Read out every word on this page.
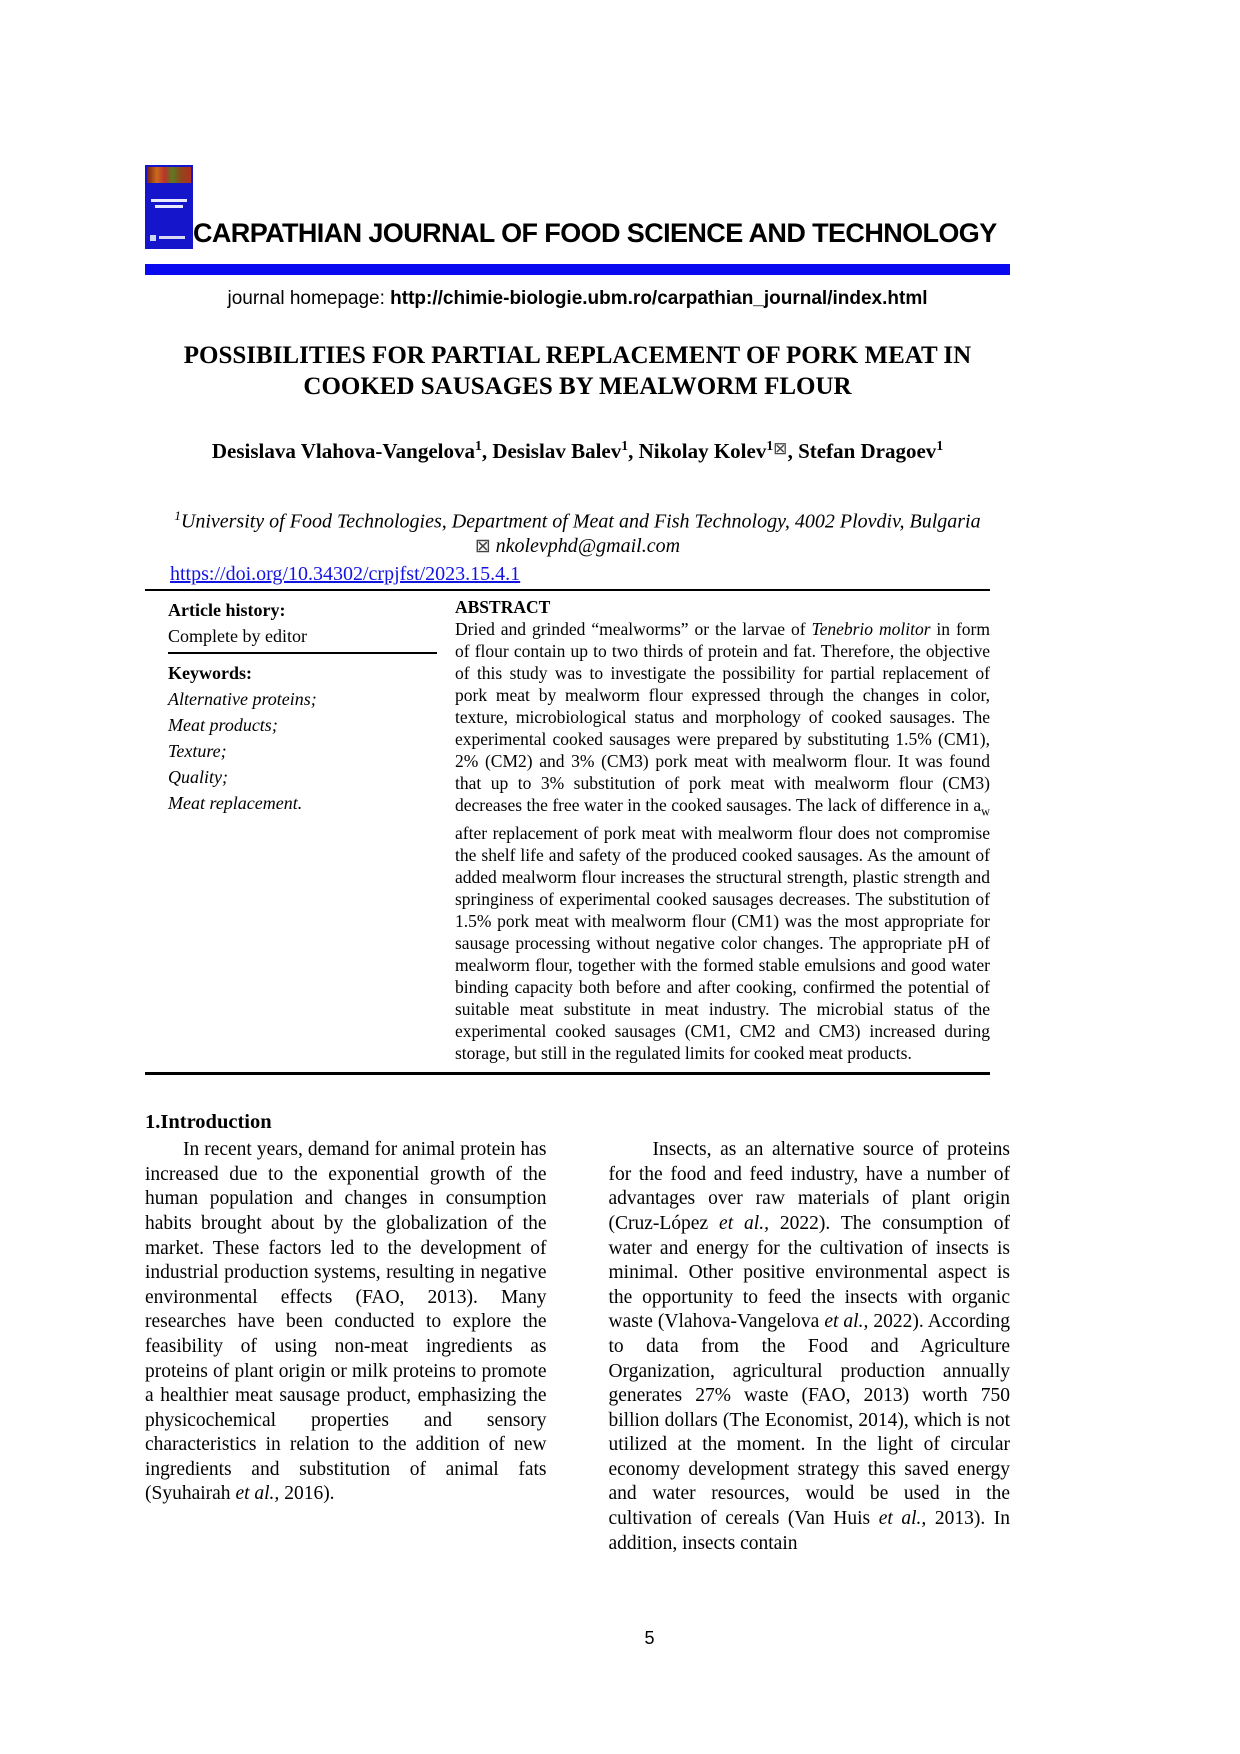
CARPATHIAN JOURNAL OF FOOD SCIENCE AND TECHNOLOGY
journal homepage: http://chimie-biologie.ubm.ro/carpathian_journal/index.html
POSSIBILITIES FOR PARTIAL REPLACEMENT OF PORK MEAT IN
COOKED SAUSAGES BY MEALWORM FLOUR
Desislava Vlahova-Vangelova$^1$, Desislav Balev$^1$, Nikolay Kolev$^1$⊠, Stefan Dragoev$^1$
$^1$University of Food Technologies, Department of Meat and Fish Technology, 4002 Plovdiv, Bulgaria
⊠ nkolevphd@gmail.com
https://doi.org/10.34302/crpjfst/2023.15.4.1
Article history:
Complete by editor
Keywords:
Alternative proteins;
Meat products;
Texture;
Quality;
Meat replacement.
ABSTRACT
Dried and grinded “mealworms” or the larvae of Tenebrio molitor in form of flour contain up to two thirds of protein and fat. Therefore, the objective of this study was to investigate the possibility for partial replacement of pork meat by mealworm flour expressed through the changes in color, texture, microbiological status and morphology of cooked sausages. The experimental cooked sausages were prepared by substituting 1.5% (CM1), 2% (CM2) and 3% (CM3) pork meat with mealworm flour. It was found that up to 3% substitution of pork meat with mealworm flour (CM3) decreases the free water in the cooked sausages. The lack of difference in $a_w$ after replacement of pork meat with mealworm flour does not compromise the shelf life and safety of the produced cooked sausages. As the amount of added mealworm flour increases the structural strength, plastic strength and springiness of experimental cooked sausages decreases. The substitution of 1.5% pork meat with mealworm flour (CM1) was the most appropriate for sausage processing without negative color changes. The appropriate pH of mealworm flour, together with the formed stable emulsions and good water binding capacity both before and after cooking, confirmed the potential of suitable meat substitute in meat industry. The microbial status of the experimental cooked sausages (CM1, CM2 and CM3) increased during storage, but still in the regulated limits for cooked meat products.
1.Introduction

In recent years, demand for animal protein has increased due to the exponential growth of the human population and changes in consumption habits brought about by the globalization of the market. These factors led to the development of industrial production systems, resulting in negative environmental effects (FAO, 2013). Many researches have been conducted to explore the feasibility of using non-meat ingredients as proteins of plant origin or milk proteins to promote a healthier meat sausage product, emphasizing the physicochemical properties and sensory characteristics in relation to the addition of new ingredients and substitution of animal fats (Syuhairah et al., 2016).

Insects, as an alternative source of proteins for the food and feed industry, have a number of advantages over raw materials of plant origin (Cruz-López et al., 2022). The consumption of water and energy for the cultivation of insects is minimal. Other positive environmental aspect is the opportunity to feed the insects with organic waste (Vlahova-Vangelova et al., 2022). According to data from the Food and Agriculture Organization, agricultural production annually generates 27% waste (FAO, 2013) worth 750 billion dollars (The Economist, 2014), which is not utilized at the moment. In the light of circular economy development strategy this saved energy and water resources, would be used in the cultivation of cereals (Van Huis et al., 2013). In addition, insects contain

5
